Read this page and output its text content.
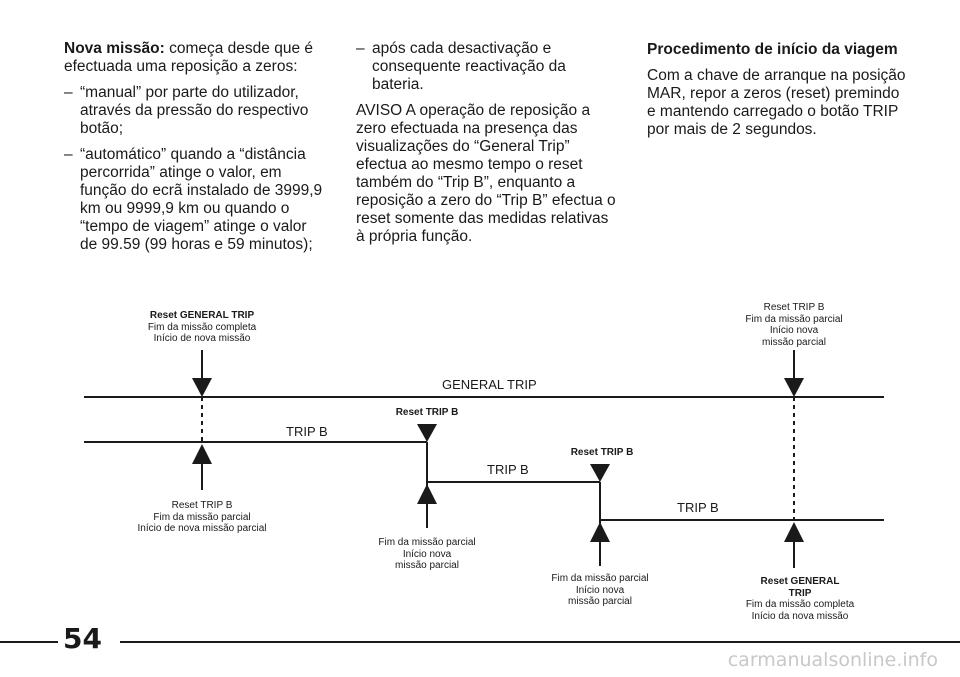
Nova missão: começa desde que é efectuada uma reposição a zeros:

– “manual” por parte do utilizador, através da pressão do respectivo botão;
– “automático” quando a “distância percorrida” atinge o valor, em função do ecrã instalado de 3999,9 km ou 9999,9 km ou quando o “tempo de viagem” atinge o valor de 99.59 (99 horas e 59 minutos);
– após cada desactivação e consequente reactivação da bateria.

AVISO A operação de reposição a zero efectuada na presença das visualizações do “General Trip” efectua ao mesmo tempo o reset também do “Trip B”, enquanto a reposição a zero do “Trip B” efectua o reset somente das medidas relativas à própria função.

Procedimento de início da viagem

Com a chave de arranque na posição MAR, repor a zeros (reset) premindo e mantendo carregado o botão TRIP por mais de 2 segundos.

GENERAL TRIP
TRIP B
TRIP B
TRIP B
Reset GENERAL TRIP
Fim da missão completa
Início de nova missão
Reset TRIP B
Fim da missão parcial
Início de nova missão parcial
Reset TRIP B
Fim da missão parcial
Início nova
missão parcial
Reset TRIP B
Fim da missão parcial
Início nova
missão parcial
Reset TRIP B
Fim da missão parcial
Início nova
missão parcial
Reset GENERAL
TRIP
Fim da missão completa
Início da nova missão
54
carmanualsonline.info
